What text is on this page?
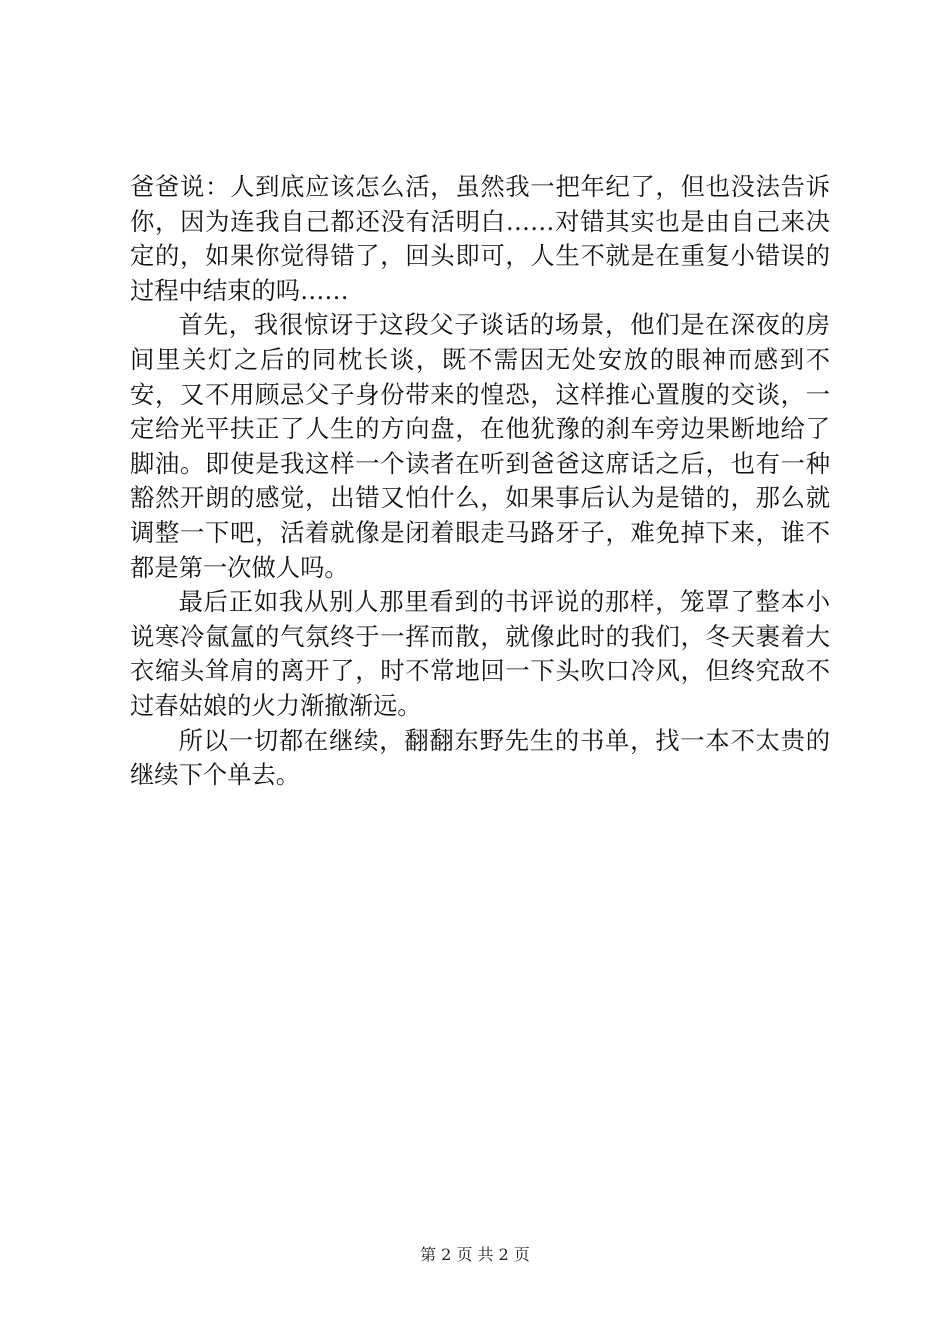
爸爸说：人到底应该怎么活，虽然我一把年纪了，但也没法告诉你，因为连我自己都还没有活明白……对错其实也是由自己来决定的，如果你觉得错了，回头即可，人生不就是在重复小错误的过程中结束的吗……

首先，我很惊讶于这段父子谈话的场景，他们是在深夜的房间里关灯之后的同枕长谈，既不需因无处安放的眼神而感到不安，又不用顾忌父子身份带来的惶恐，这样推心置腹的交谈，一定给光平扶正了人生的方向盘，在他犹豫的刹车旁边果断地给了脚油。即使是我这样一个读者在听到爸爸这席话之后，也有一种豁然开朗的感觉，出错又怕什么，如果事后认为是错的，那么就调整一下吧，活着就像是闭着眼走马路牙子，难免掉下来，谁不都是第一次做人吗。

最后正如我从别人那里看到的书评说的那样，笼罩了整本小说寒冷氤氲的气氛终于一挥而散，就像此时的我们，冬天裹着大衣缩头耸肩的离开了，时不常地回一下头吹口冷风，但终究敌不过春姑娘的火力渐撤渐远。

所以一切都在继续，翻翻东野先生的书单，找一本不太贵的继续下个单去。

第 2 页 共 2 页
